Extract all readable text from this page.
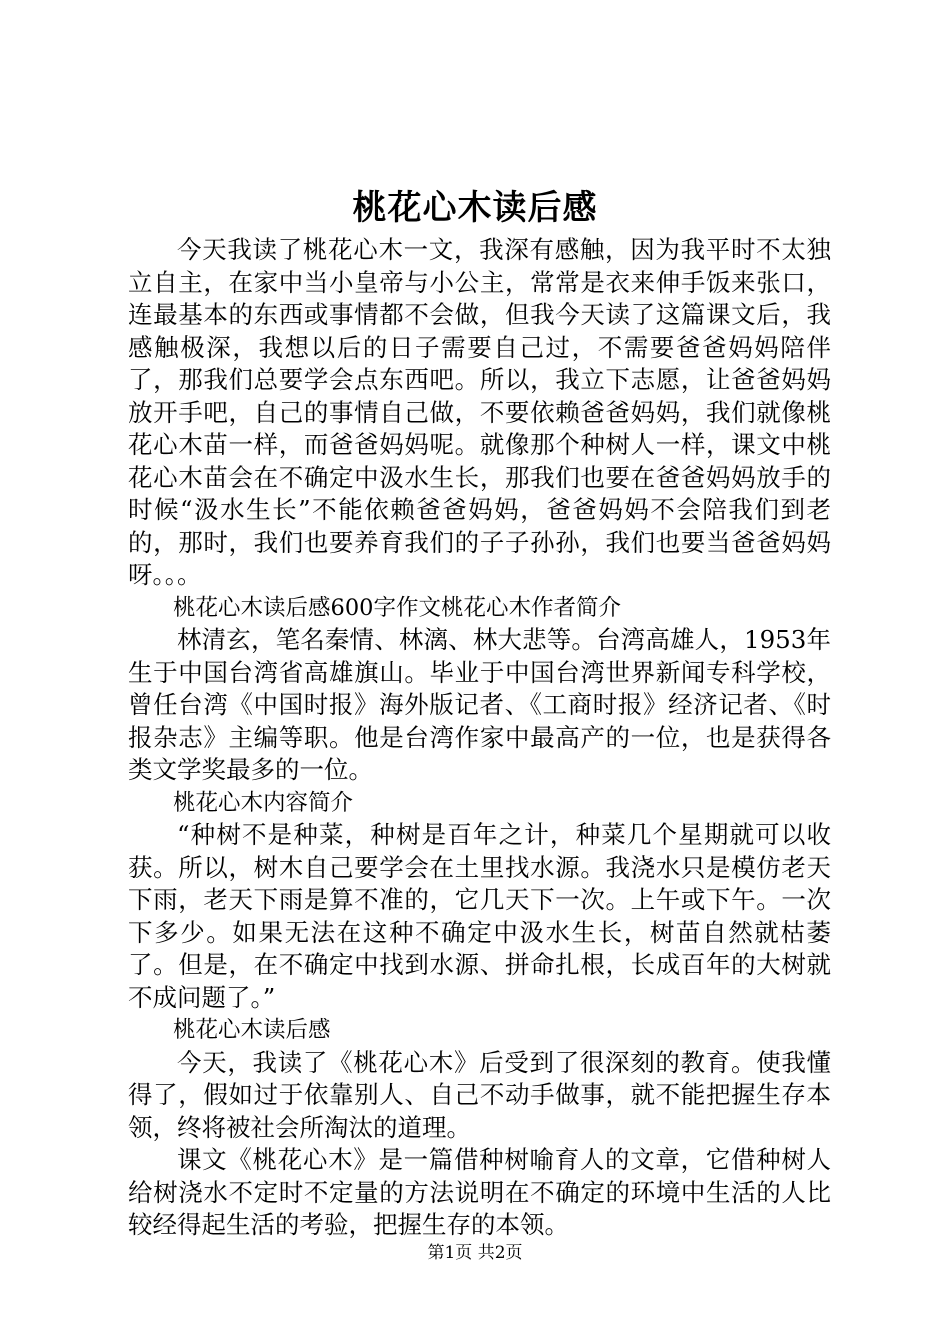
桃花心木读后感

今天我读了桃花心木一文，我深有感触，因为我平时不太独立自主，在家中当小皇帝与小公主，常常是衣来伸手饭来张口，连最基本的东西或事情都不会做，但我今天读了这篇课文后，我感触极深，我想以后的日子需要自己过，不需要爸爸妈妈陪伴了，那我们总要学会点东西吧。所以，我立下志愿，让爸爸妈妈放开手吧，自己的事情自己做，不要依赖爸爸妈妈，我们就像桃花心木苗一样，而爸爸妈妈呢。就像那个种树人一样，课文中桃花心木苗会在不确定中汲水生长，那我们也要在爸爸妈妈放手的时候“汲水生长”不能依赖爸爸妈妈，爸爸妈妈不会陪我们到老的，那时，我们也要养育我们的子子孙孙，我们也要当爸爸妈妈呀。。。

桃花心木读后感600字作文桃花心木作者简介

林清玄，笔名秦情、林漓、林大悲等。台湾高雄人，1953年生于中国台湾省高雄旗山。毕业于中国台湾世界新闻专科学校，曾任台湾《中国时报》海外版记者、《工商时报》经济记者、《时报杂志》主编等职。他是台湾作家中最高产的一位，也是获得各类文学奖最多的一位。

桃花心木内容简介

“种树不是种菜，种树是百年之计，种菜几个星期就可以收获。所以，树木自己要学会在土里找水源。我浇水只是模仿老天下雨，老天下雨是算不准的，它几天下一次。上午或下午。一次下多少。如果无法在这种不确定中汲水生长，树苗自然就枯萎了。但是，在不确定中找到水源、拼命扎根，长成百年的大树就不成问题了。”

桃花心木读后感

今天，我读了《桃花心木》后受到了很深刻的教育。使我懂得了，假如过于依靠别人、自己不动手做事，就不能把握生存本领，终将被社会所淘汰的道理。

课文《桃花心木》是一篇借种树喻育人的文章，它借种树人给树浇水不定时不定量的方法说明在不确定的环境中生活的人比较经得起生活的考验，把握生存的本领。

第1页 共2页
